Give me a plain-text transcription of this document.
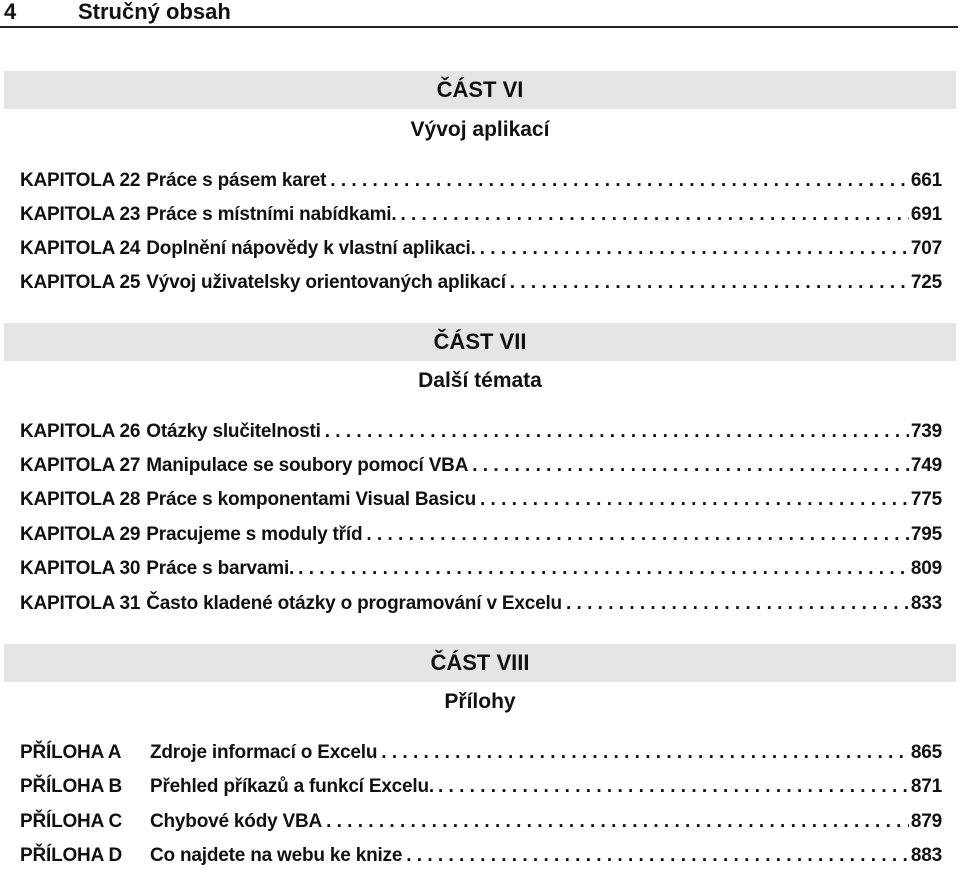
4	Stručný obsah
ČÁST VI
Vývoj aplikací
KAPITOLA 22 Práce s pásem karet . . .	661
KAPITOLA 23 Práce s místními nabídkami. . . .	691
KAPITOLA 24 Doplnění nápovědy k vlastní aplikaci. . . .	707
KAPITOLA 25 Vývoj uživatelsky orientovaných aplikací . . .	725
ČÁST VII
Další témata
KAPITOLA 26 Otázky slučitelnosti . . .	739
KAPITOLA 27 Manipulace se soubory pomocí VBA . . .	749
KAPITOLA 28 Práce s komponentami Visual Basicu . . .	775
KAPITOLA 29 Pracujeme s moduly tříd . . .	795
KAPITOLA 30 Práce s barvami. . . .	809
KAPITOLA 31 Často kladené otázky o programování v Excelu . . .	833
ČÁST VIII
Přílohy
PŘÍLOHA A	Zdroje informací o Excelu . . .	865
PŘÍLOHA B	Přehled příkazů a funkcí Excelu. . . .	871
PŘÍLOHA C	Chybové kódy VBA . . .	879
PŘÍLOHA D	Co najdete na webu ke knize . . .	883
